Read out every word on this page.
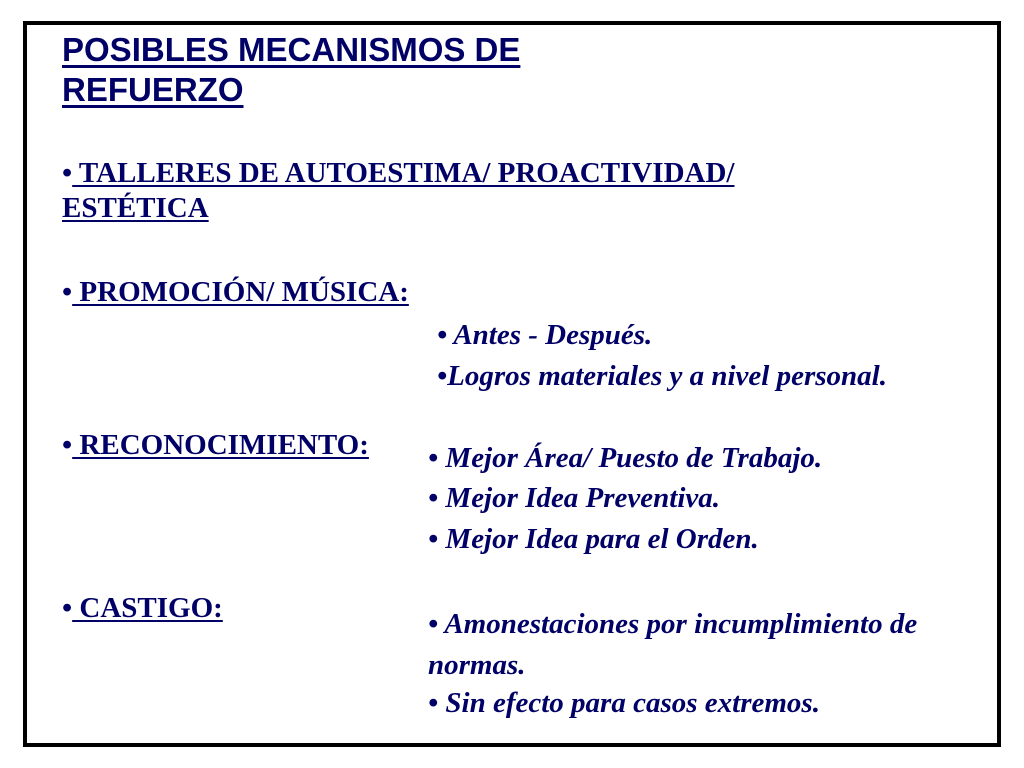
POSIBLES MECANISMOS DE
REFUERZO
• TALLERES DE AUTOESTIMA/ PROACTIVIDAD/
ESTÉTICA
• PROMOCIÓN/ MÚSICA:
• Antes - Después.
•Logros materiales y a nivel personal.
• RECONOCIMIENTO: • Mejor Área/ Puesto de Trabajo.
• Mejor Idea Preventiva.
• Mejor Idea para el Orden.
• CASTIGO:	• Amonestaciones por incumplimiento de normas.
• Sin efecto para casos extremos.
